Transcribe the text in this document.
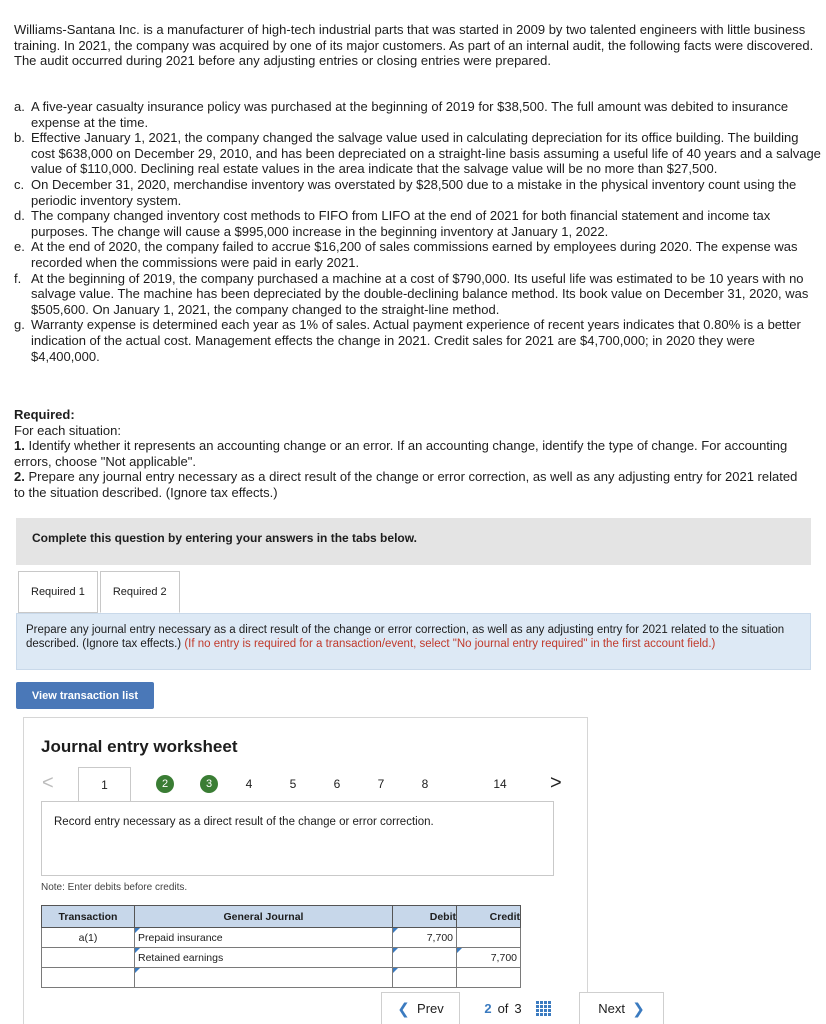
Williams-Santana Inc. is a manufacturer of high-tech industrial parts that was started in 2009 by two talented engineers with little business training. In 2021, the company was acquired by one of its major customers. As part of an internal audit, the following facts were discovered. The audit occurred during 2021 before any adjusting entries or closing entries were prepared.
a. A five-year casualty insurance policy was purchased at the beginning of 2019 for $38,500. The full amount was debited to insurance expense at the time.
b. Effective January 1, 2021, the company changed the salvage value used in calculating depreciation for its office building. The building cost $638,000 on December 29, 2010, and has been depreciated on a straight-line basis assuming a useful life of 40 years and a salvage value of $110,000. Declining real estate values in the area indicate that the salvage value will be no more than $27,500.
c. On December 31, 2020, merchandise inventory was overstated by $28,500 due to a mistake in the physical inventory count using the periodic inventory system.
d. The company changed inventory cost methods to FIFO from LIFO at the end of 2021 for both financial statement and income tax purposes. The change will cause a $995,000 increase in the beginning inventory at January 1, 2022.
e. At the end of 2020, the company failed to accrue $16,200 of sales commissions earned by employees during 2020. The expense was recorded when the commissions were paid in early 2021.
f. At the beginning of 2019, the company purchased a machine at a cost of $790,000. Its useful life was estimated to be 10 years with no salvage value. The machine has been depreciated by the double-declining balance method. Its book value on December 31, 2020, was $505,600. On January 1, 2021, the company changed to the straight-line method.
g. Warranty expense is determined each year as 1% of sales. Actual payment experience of recent years indicates that 0.80% is a better indication of the actual cost. Management effects the change in 2021. Credit sales for 2021 are $4,700,000; in 2020 they were $4,400,000.
Required:
For each situation:
1. Identify whether it represents an accounting change or an error. If an accounting change, identify the type of change. For accounting errors, choose "Not applicable".
2. Prepare any journal entry necessary as a direct result of the change or error correction, as well as any adjusting entry for 2021 related to the situation described. (Ignore tax effects.)
Complete this question by entering your answers in the tabs below.
Required 1	Required 2
Prepare any journal entry necessary as a direct result of the change or error correction, as well as any adjusting entry for 2021 related to the situation described. (Ignore tax effects.) (If no entry is required for a transaction/event, select "No journal entry required" in the first account field.)
View transaction list
Journal entry worksheet
<	1	2	3	4	5	6	7	8	14	>
Record entry necessary as a direct result of the change or error correction.
Note: Enter debits before credits.
Transaction	General Journal	Debit	Credit
a(1)	Prepaid insurance	7,700	

Retained earnings		7,700

❮
Prev	2 of 3	Next
❯
